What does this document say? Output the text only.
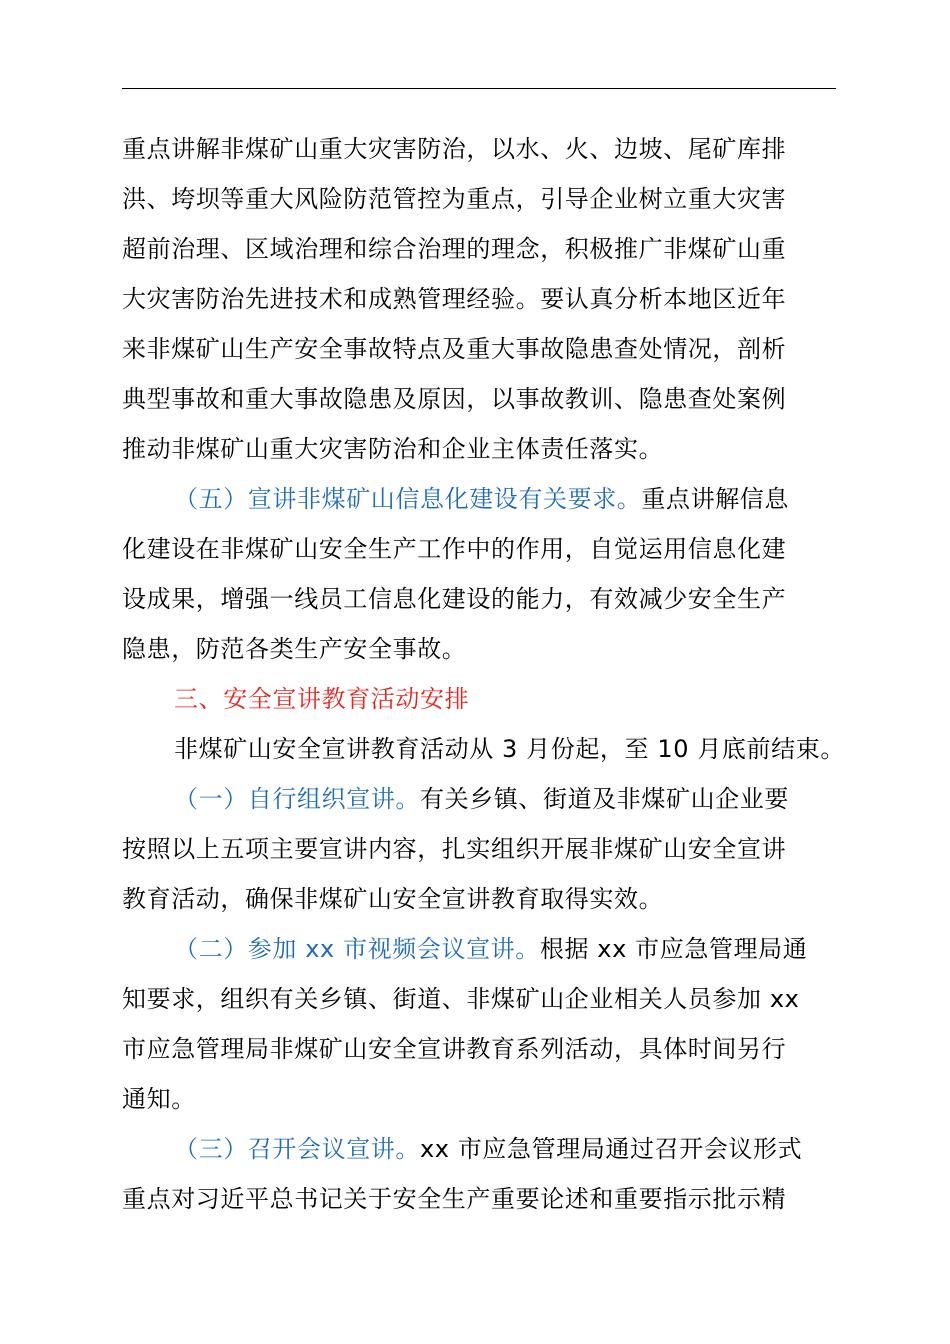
重点讲解非煤矿山重大灾害防治，以水、火、边坡、尾矿库排
洪、垮坝等重大风险防范管控为重点，引导企业树立重大灾害
超前治理、区域治理和综合治理的理念，积极推广非煤矿山重
大灾害防治先进技术和成熟管理经验。要认真分析本地区近年
来非煤矿山生产安全事故特点及重大事故隐患查处情况，剖析
典型事故和重大事故隐患及原因，以事故教训、隐患查处案例
推动非煤矿山重大灾害防治和企业主体责任落实。
（五）宣讲非煤矿山信息化建设有关要求。重点讲解信息
化建设在非煤矿山安全生产工作中的作用，自觉运用信息化建
设成果，增强一线员工信息化建设的能力，有效减少安全生产
隐患，防范各类生产安全事故。
三、安全宣讲教育活动安排
非煤矿山安全宣讲教育活动从 3 月份起，至 10 月底前结束。
（一）自行组织宣讲。有关乡镇、街道及非煤矿山企业要
按照以上五项主要宣讲内容，扎实组织开展非煤矿山安全宣讲
教育活动，确保非煤矿山安全宣讲教育取得实效。
（二）参加 xx 市视频会议宣讲。根据 xx 市应急管理局通
知要求，组织有关乡镇、街道、非煤矿山企业相关人员参加 xx
市应急管理局非煤矿山安全宣讲教育系列活动，具体时间另行
通知。
（三）召开会议宣讲。xx 市应急管理局通过召开会议形式
重点对习近平总书记关于安全生产重要论述和重要指示批示精
